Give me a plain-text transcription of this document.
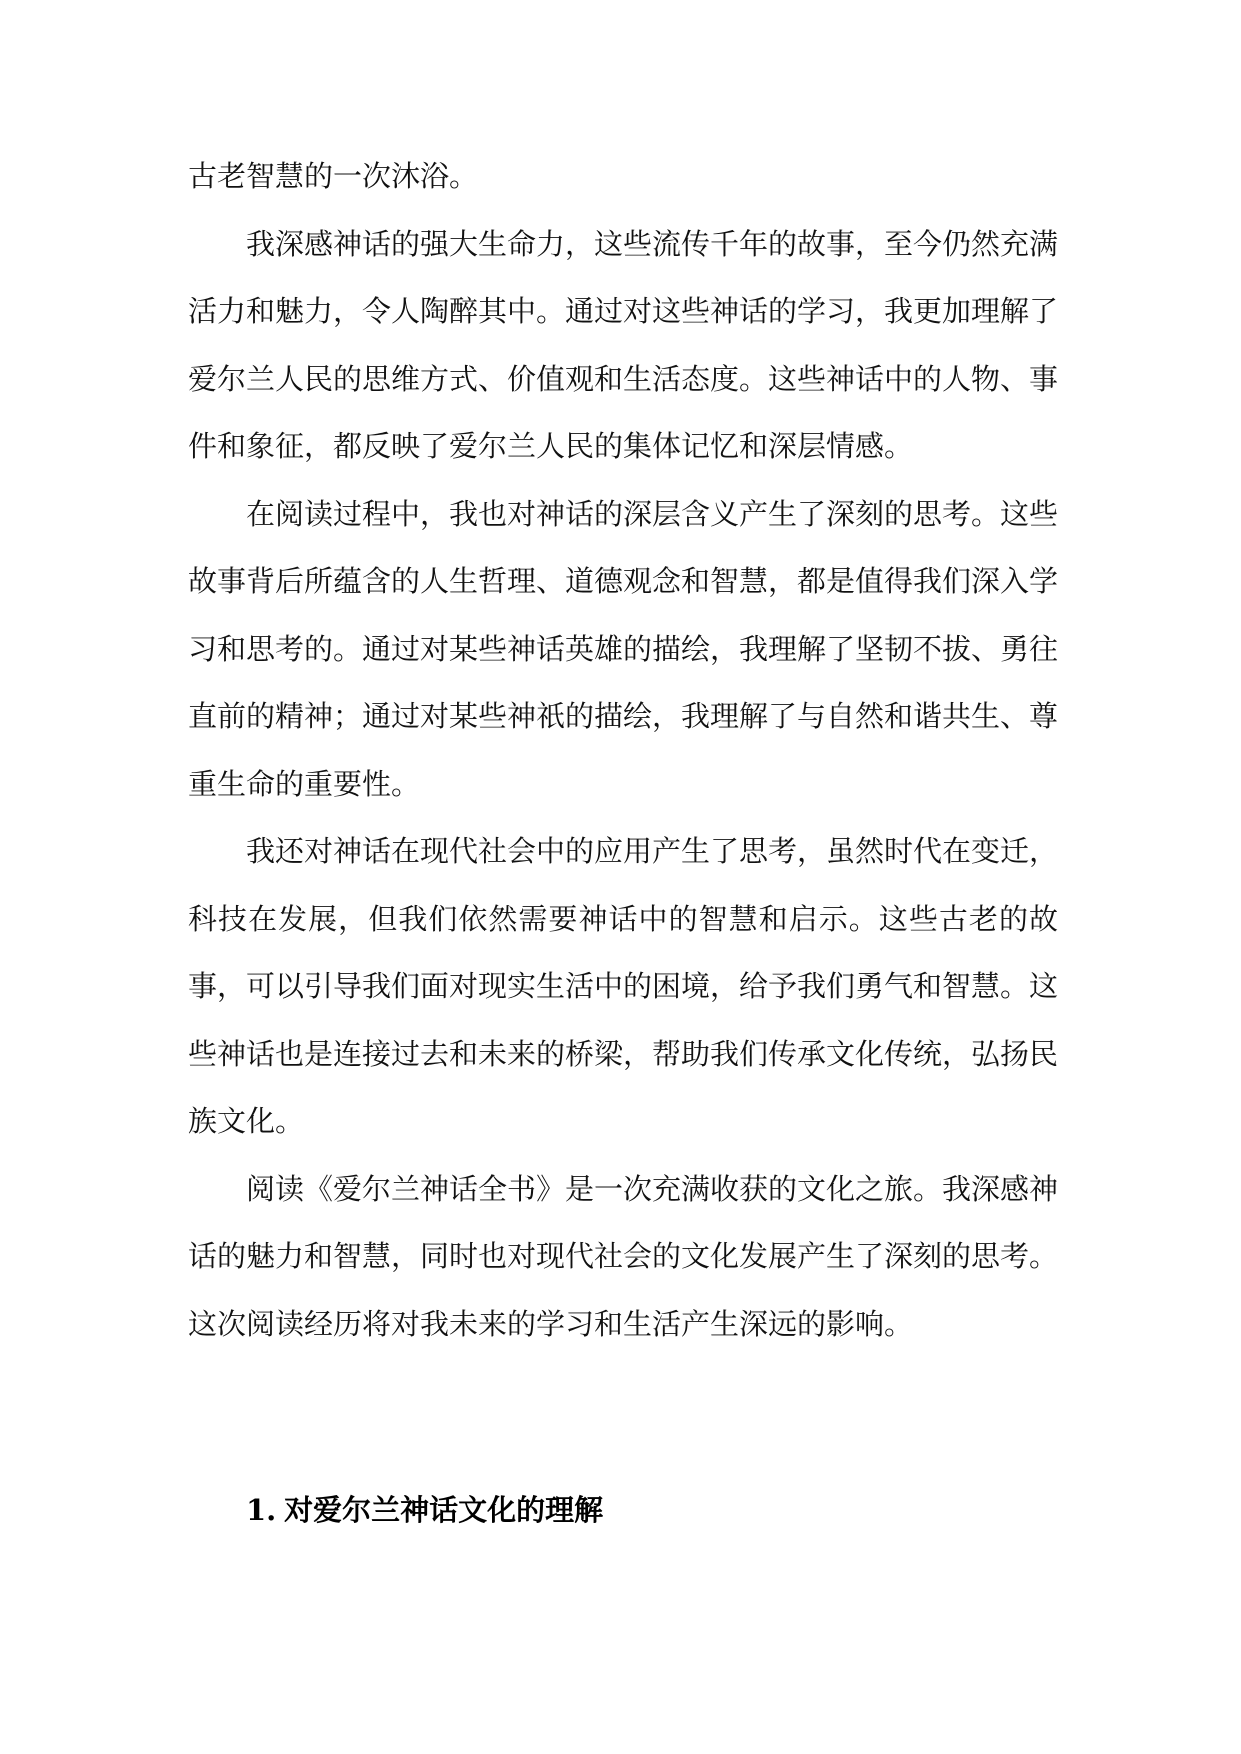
古老智慧的一次沐浴。

我深感神话的强大生命力，这些流传千年的故事，至今仍然充满活力和魅力，令人陶醉其中。通过对这些神话的学习，我更加理解了爱尔兰人民的思维方式、价值观和生活态度。这些神话中的人物、事件和象征，都反映了爱尔兰人民的集体记忆和深层情感。

在阅读过程中，我也对神话的深层含义产生了深刻的思考。这些故事背后所蕴含的人生哲理、道德观念和智慧，都是值得我们深入学习和思考的。通过对某些神话英雄的描绘，我理解了坚韧不拔、勇往直前的精神；通过对某些神祇的描绘，我理解了与自然和谐共生、尊重生命的重要性。

我还对神话在现代社会中的应用产生了思考，虽然时代在变迁，科技在发展，但我们依然需要神话中的智慧和启示。这些古老的故事，可以引导我们面对现实生活中的困境，给予我们勇气和智慧。这些神话也是连接过去和未来的桥梁，帮助我们传承文化传统，弘扬民族文化。

阅读《爱尔兰神话全书》是一次充满收获的文化之旅。我深感神话的魅力和智慧，同时也对现代社会的文化发展产生了深刻的思考。这次阅读经历将对我未来的学习和生活产生深远的影响。

1. 对爱尔兰神话文化的理解
